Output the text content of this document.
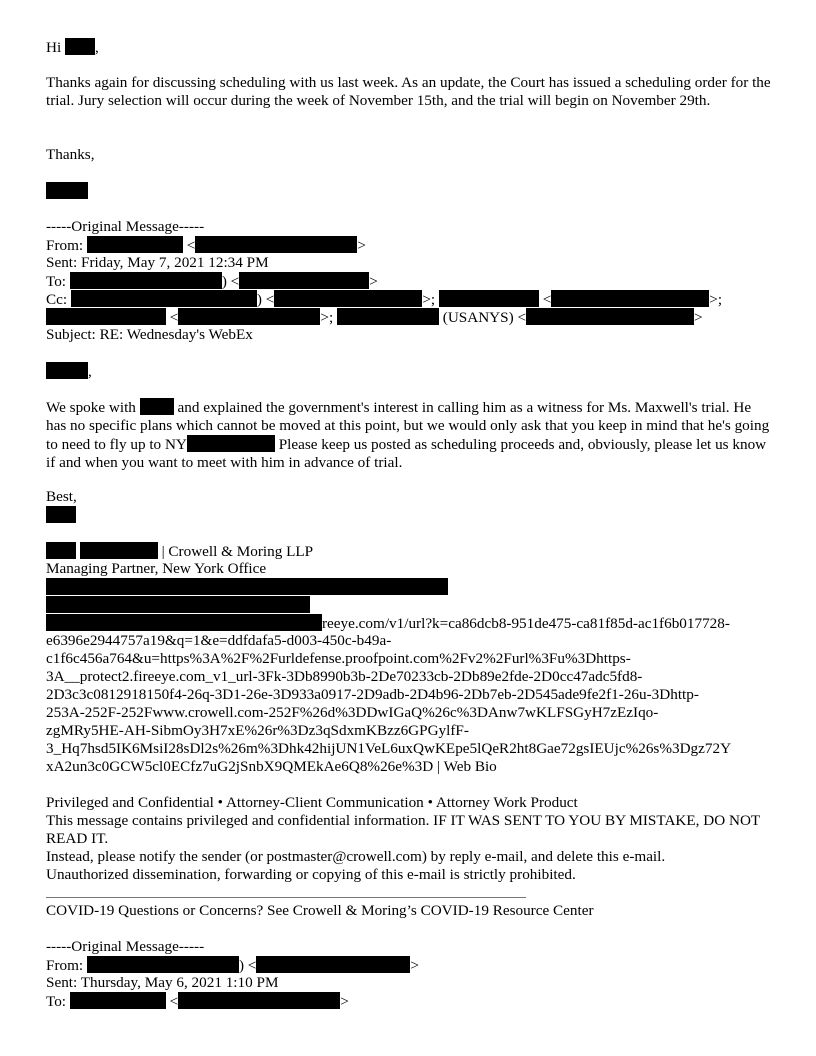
Hi ,

Thanks again for discussing scheduling with us last week. As an update, the Court has issued a scheduling order for the trial. Jury selection will occur during the week of November 15th, and the trial will begin on November 29th.

Thanks,
-----Original Message-----
From:	<	>
Sent: Friday, May 7, 2021 12:34 PM
To:	) <	>
Cc:	) <	>;	<	>;
<	>;	(USANYS) <	>
Subject: RE: Wednesday's WebEx
,

We spoke with	and explained the government's interest in calling him as a witness for Ms. Maxwell's trial. He has no specific plans which cannot be moved at this point, but we would only ask that you keep in mind that he's going to need to fly up to NY	Please keep us posted as scheduling proceeds and, obviously, please let us know if and when you want to meet with him in advance of trial.

Best,
| Crowell & Moring LLP
Managing Partner, New York Office
reeye.com/v1/url?k=ca86dcb8-951de475-ca81f85d-ac1f6b017728-
e6396e2944757a19&q=1&e=ddfdafa5-d003-450c-b49a-
c1f6c456a764&u=https%3A%2F%2Furldefense.proofpoint.com%2Fv2%2Furl%3Fu%3Dhttps-
3A__protect2.fireeye.com_v1_url-3Fk-3Db8990b3b-2De70233cb-2Db89e2fde-2D0cc47adc5fd8-
2D3c3c0812918150f4-26q-3D1-26e-3D933a0917-2D9adb-2D4b96-2Db7eb-2D545ade9fe2f1-26u-3Dhttp-
253A-252F-252Fwww.crowell.com-252F%26d%3DDwIGaQ%26c%3DAnw7wKLFSGyH7zEzIqo-
zgMRy5HE-AH-SibmOy3H7xE%26r%3Dz3qSdxmKBzz6GPGylfF-
3_Hq7hsd5IK6MsiI28sDl2s%26m%3Dhk42hijUN1VeL6uxQwKEpe5lQeR2ht8Gae72gsIEUjc%26s%3Dgz72Y
xA2un3c0GCW5cl0ECfz7uG2jSnbX9QMEkAe6Q8%26e%3D | Web Bio
Privileged and Confidential • Attorney-Client Communication • Attorney Work Product

This message contains privileged and confidential information. IF IT WAS SENT TO YOU BY MISTAKE, DO NOT READ IT.

Instead, please notify the sender (or postmaster@crowell.com) by reply e-mail, and delete this e-mail.

Unauthorized dissemination, forwarding or copying of this e-mail is strictly prohibited.

COVID-19 Questions or Concerns? See Crowell & Moring’s COVID-19 Resource Center
-----Original Message-----
From:	) <	>
Sent: Thursday, May 6, 2021 1:10 PM
To:	<	>
